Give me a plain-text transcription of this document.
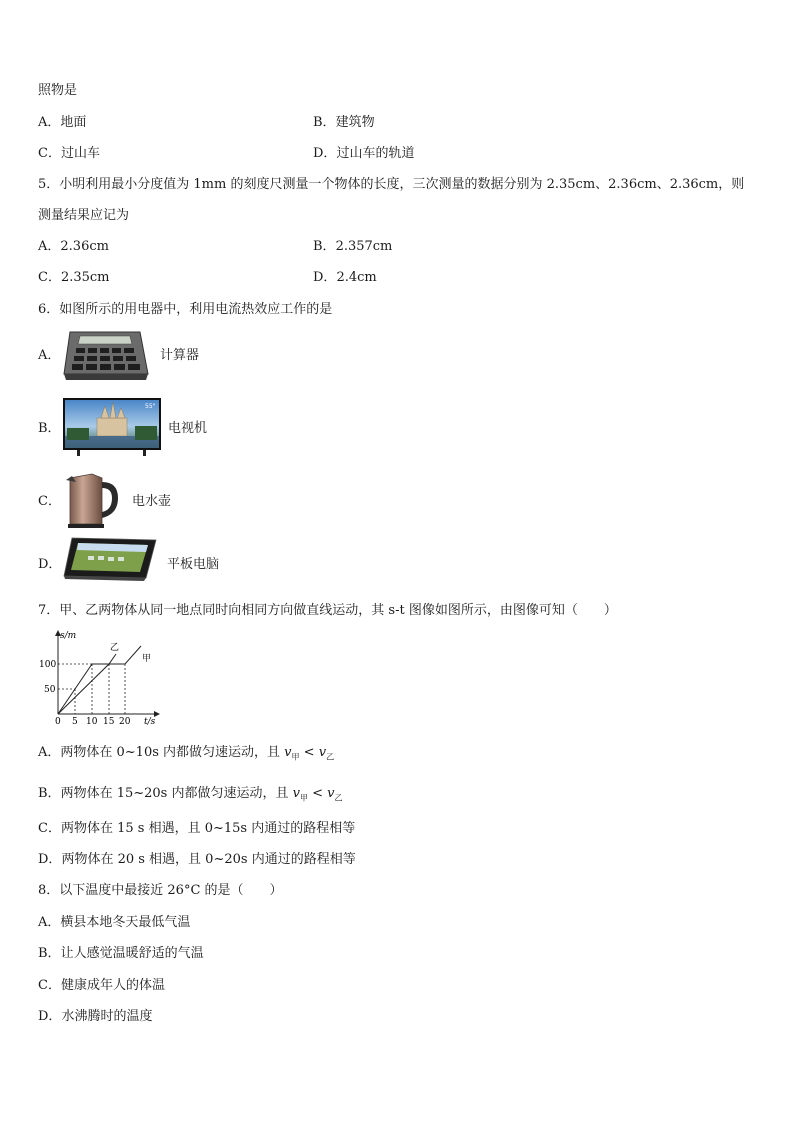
照物是
A．地面	B．建筑物
C．过山车	D．过山车的轨道
5．小明利用最小分度值为 1mm 的刻度尺测量一个物体的长度，三次测量的数据分别为 2.35cm、2.36cm、2.36cm，则
测量结果应记为
A．2.36cm	B．2.357cm
C．2.35cm	D．2.4cm
6．如图所示的用电器中，利用电流热效应工作的是
A．	计算器
B．
55"
电视机
C．	电水壶
D．	平板电脑
7．甲、乙两物体从同一地点同时向相同方向做直线运动，其 s-t 图像如图所示，由图像可知（　　）
s/m
t/s
100
50
0 5 10 15 20
乙
甲
A．两物体在 0~10s 内都做匀速运动，且 $v_甲 < v_乙$
B．两物体在 15~20s 内都做匀速运动，且 $v_甲 < v_乙$
C．两物体在 15 s 相遇，且 0~15s 内通过的路程相等
D．两物体在 20 s 相遇，且 0~20s 内通过的路程相等
8．以下温度中最接近 26°C 的是（　　）
A．横县本地冬天最低气温
B．让人感觉温暖舒适的气温
C．健康成年人的体温
D．水沸腾时的温度
